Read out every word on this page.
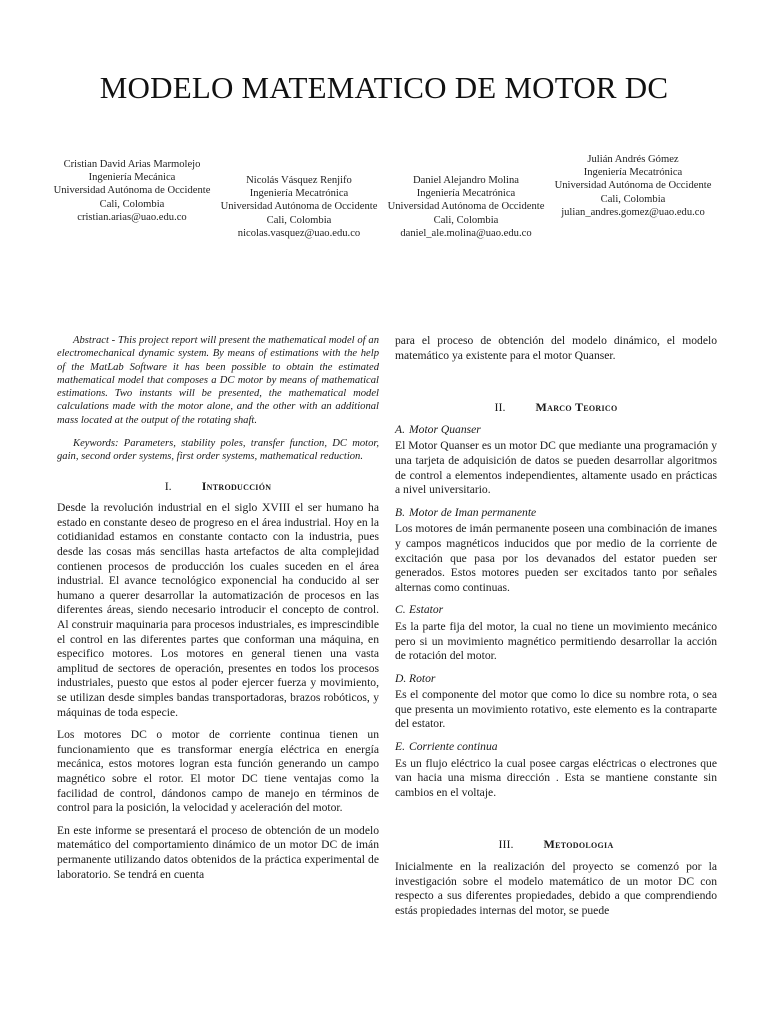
MODELO MATEMATICO DE MOTOR DC
Cristian David Arias Marmolejo
Ingeniería Mecánica
Universidad Autónoma de Occidente
Cali, Colombia
cristian.arias@uao.edu.co
Nicolás Vásquez Renjifo
Ingeniería Mecatrónica
Universidad Autónoma de Occidente
Cali, Colombia
nicolas.vasquez@uao.edu.co
Daniel Alejandro Molina
Ingeniería Mecatrónica
Universidad Autónoma de Occidente
Cali, Colombia
daniel_ale.molina@uao.edu.co
Julián Andrés Gómez
Ingeniería Mecatrónica
Universidad Autónoma de Occidente
Cali, Colombia
julian_andres.gomez@uao.edu.co

Abstract - This project report will present the mathematical model of an electromechanical dynamic system. By means of estimations with the help of the MatLab Software it has been possible to obtain the estimated mathematical model that composes a DC motor by means of mathematical estimations. Two instants will be presented, the mathematical model calculations made with the motor alone, and the other with an additional mass located at the output of the rotating shaft.

Keywords: Parameters, stability poles, transfer function, DC motor, gain, second order systems, first order systems, mathematical reduction.

I.	Introducción

Desde la revolución industrial en el siglo XVIII el ser humano ha estado en constante deseo de progreso en el área industrial. Hoy en la cotidianidad estamos en constante contacto con la industria, pues desde las cosas más sencillas hasta artefactos de alta complejidad contienen procesos de producción los cuales suceden en el área industrial. El avance tecnológico exponencial ha conducido al ser humano a querer desarrollar la automatización de procesos en las diferentes áreas, siendo necesario introducir el concepto de control. Al construir maquinaria para procesos industriales, es imprescindible el control en las diferentes partes que conforman una máquina, en especifico motores. Los motores en general tienen una vasta amplitud de sectores de operación, presentes en todos los procesos industriales, puesto que estos al poder ejercer fuerza y movimiento, se utilizan desde simples bandas transportadoras, brazos robóticos, y máquinas de toda especie.

Los motores DC o motor de corriente continua tienen un funcionamiento que es transformar energía eléctrica en energía mecánica, estos motores logran esta función generando un campo magnético sobre el rotor. El motor DC tiene ventajas como la facilidad de control, dándonos campo de manejo en términos de control para la posición, la velocidad y aceleración del motor.

En este informe se presentará el proceso de obtención de un modelo matemático del comportamiento dinámico de un motor DC de imán permanente utilizando datos obtenidos de la práctica experimental de laboratorio. Se tendrá en cuenta

para el proceso de obtención del modelo dinámico, el modelo matemático ya existente para el motor Quanser.

II.	Marco Teorico
A. Motor Quanser

El Motor Quanser es un motor DC que mediante una programación y una tarjeta de adquisición de datos se pueden desarrollar algoritmos de control a elementos independientes, altamente usado en prácticas a nivel universitario.

B. Motor de Iman permanente

Los motores de imán permanente poseen una combinación de imanes y campos magnéticos inducidos que por medio de la corriente de excitación que pasa por los devanados del estator pueden ser generados. Estos motores pueden ser excitados tanto por señales alternas como continuas.

C. Estator

Es la parte fija del motor, la cual no tiene un movimiento mecánico pero si un movimiento magnético permitiendo desarrollar la acción de rotación del motor.

D. Rotor

Es el componente del motor que como lo dice su nombre rota, o sea que presenta un movimiento rotativo, este elemento es la contraparte del estator.

E. Corriente continua

Es un flujo eléctrico la cual posee cargas eléctricas o electrones que van hacia una misma dirección . Esta se mantiene constante sin cambios en el voltaje.

III.	Metodologia

Inicialmente en la realización del proyecto se comenzó por la investigación sobre el modelo matemático de un motor DC con respecto a sus diferentes propiedades, debido a que comprendiendo estás propiedades internas del motor, se puede
